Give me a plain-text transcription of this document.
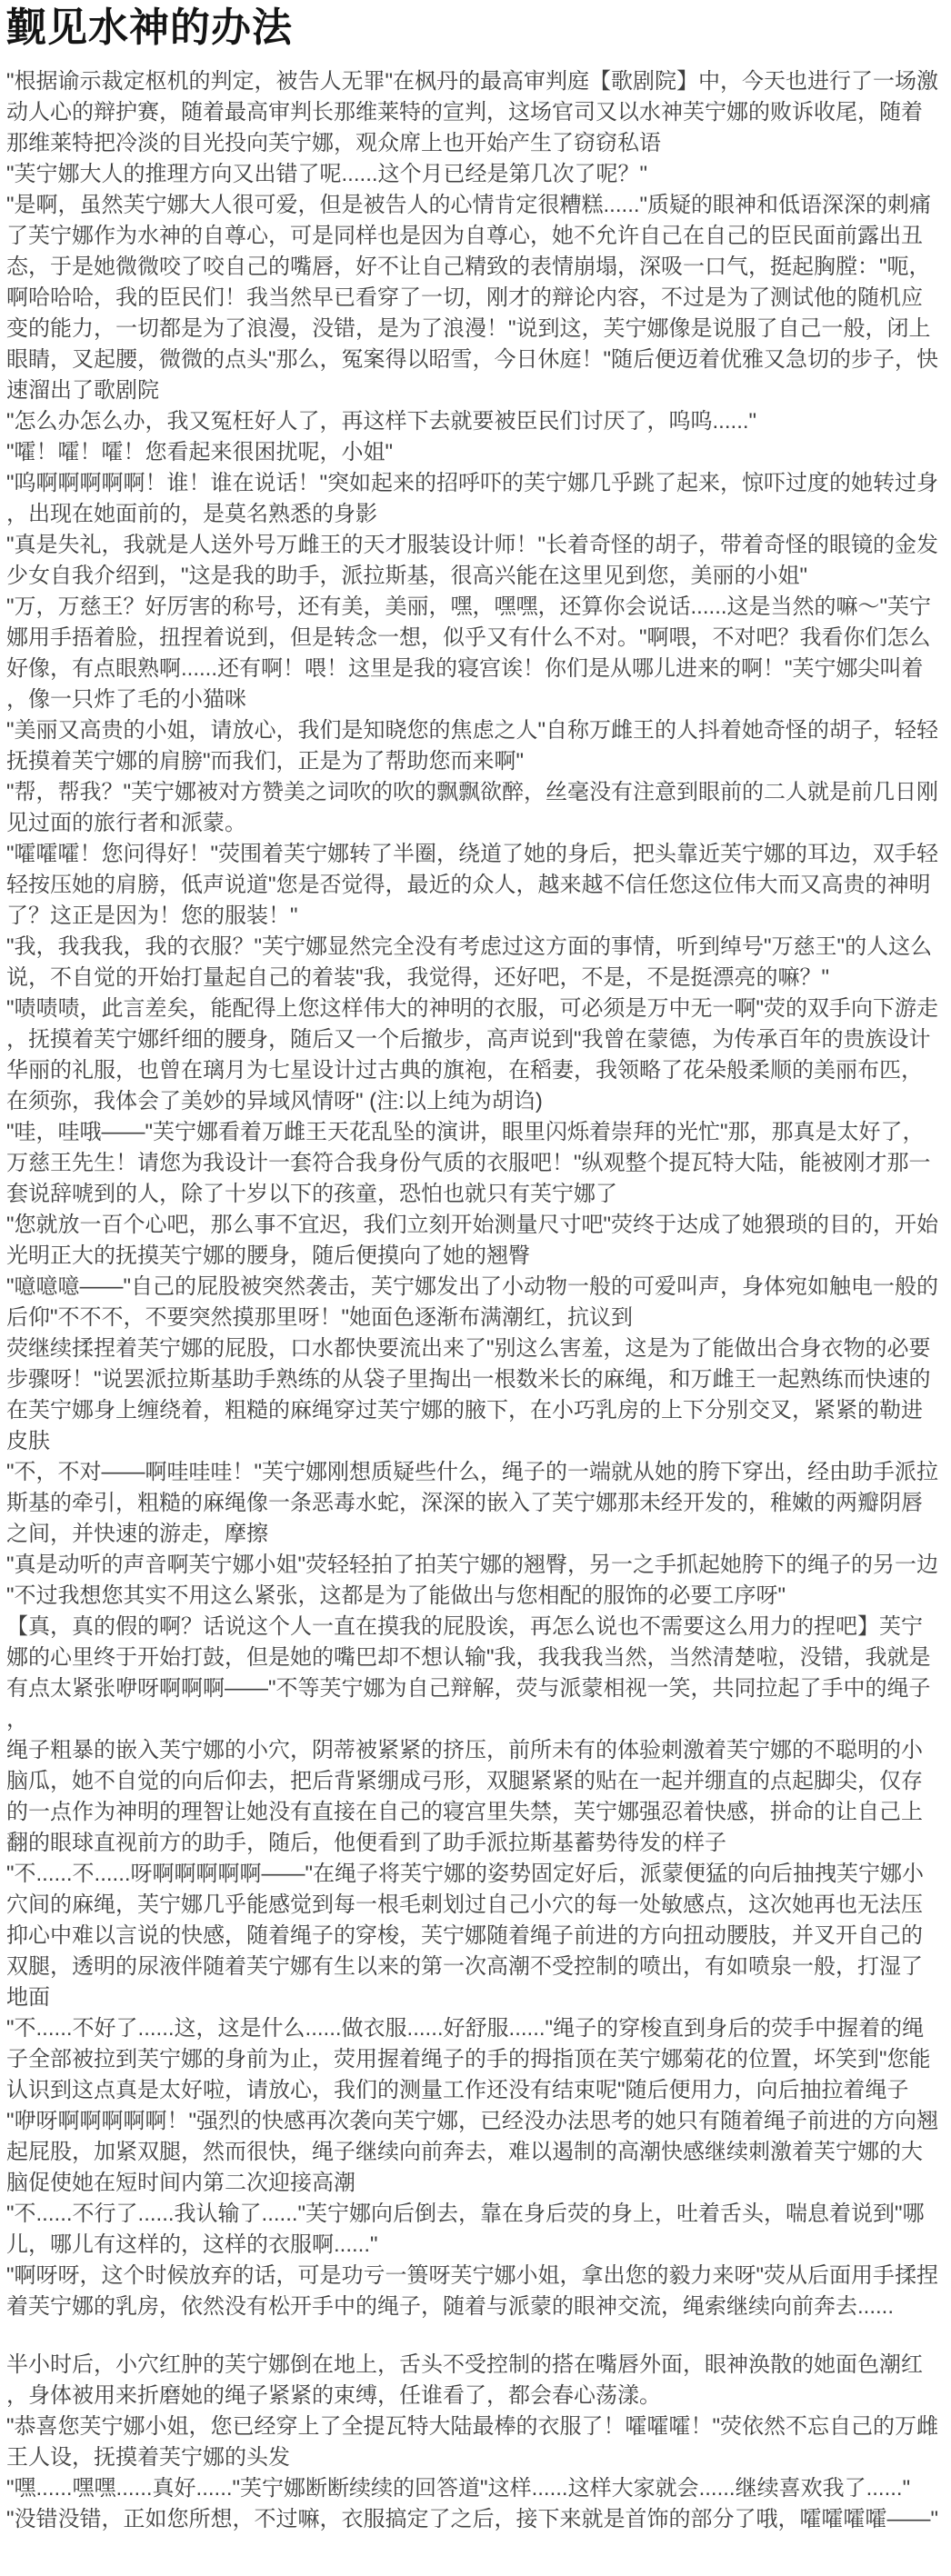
觐见水神的办法

"根据谕示裁定枢机的判定，被告人无罪"在枫丹的最高审判庭【歌剧院】中，今天也进行了一场激动人心的辩护赛，随着最高审判长那维莱特的宣判，这场官司又以水神芙宁娜的败诉收尾，随着那维莱特把冷淡的目光投向芙宁娜，观众席上也开始产生了窃窃私语

"芙宁娜大人的推理方向又出错了呢......这个月已经是第几次了呢？"

"是啊，虽然芙宁娜大人很可爱，但是被告人的心情肯定很糟糕......"质疑的眼神和低语深深的刺痛了芙宁娜作为水神的自尊心，可是同样也是因为自尊心，她不允许自己在自己的臣民面前露出丑态，于是她微微咬了咬自己的嘴唇，好不让自己精致的表情崩塌，深吸一口气，挺起胸膛："呃，啊哈哈哈，我的臣民们！我当然早已看穿了一切，刚才的辩论内容，不过是为了测试他的随机应变的能力，一切都是为了浪漫，没错，是为了浪漫！"说到这，芙宁娜像是说服了自己一般，闭上眼睛，叉起腰，微微的点头"那么，冤案得以昭雪，今日休庭！"随后便迈着优雅又急切的步子，快速溜出了歌剧院

"怎么办怎么办，我又冤枉好人了，再这样下去就要被臣民们讨厌了，呜呜......"

"嚯！嚯！嚯！您看起来很困扰呢，小姐"

"呜啊啊啊啊啊！谁！谁在说话！"突如起来的招呼吓的芙宁娜几乎跳了起来，惊吓过度的她转过身，出现在她面前的，是莫名熟悉的身影

"真是失礼，我就是人送外号万雌王的天才服装设计师！"长着奇怪的胡子，带着奇怪的眼镜的金发少女自我介绍到，"这是我的助手，派拉斯基，很高兴能在这里见到您，美丽的小姐"

"万，万慈王？好厉害的称号，还有美，美丽，嘿，嘿嘿，还算你会说话......这是当然的嘛～"芙宁娜用手捂着脸，扭捏着说到，但是转念一想，似乎又有什么不对。"啊喂，不对吧？我看你们怎么好像，有点眼熟啊......还有啊！喂！这里是我的寝宫诶！你们是从哪儿进来的啊！"芙宁娜尖叫着，像一只炸了毛的小猫咪

"美丽又高贵的小姐，请放心，我们是知晓您的焦虑之人"自称万雌王的人抖着她奇怪的胡子，轻轻抚摸着芙宁娜的肩膀"而我们，正是为了帮助您而来啊"

"帮，帮我？"芙宁娜被对方赞美之词吹的吹的飘飘欲醉，丝毫没有注意到眼前的二人就是前几日刚见过面的旅行者和派蒙。

"嚯嚯嚯！您问得好！"荧围着芙宁娜转了半圈，绕道了她的身后，把头靠近芙宁娜的耳边，双手轻轻按压她的肩膀，低声说道"您是否觉得，最近的众人，越来越不信任您这位伟大而又高贵的神明了？这正是因为！您的服装！"

"我，我我我，我的衣服？"芙宁娜显然完全没有考虑过这方面的事情，听到绰号"万慈王"的人这么说，不自觉的开始打量起自己的着装"我，我觉得，还好吧，不是，不是挺漂亮的嘛？"

"啧啧啧，此言差矣，能配得上您这样伟大的神明的衣服，可必须是万中无一啊"荧的双手向下游走，抚摸着芙宁娜纤细的腰身，随后又一个后撤步，高声说到"我曾在蒙德，为传承百年的贵族设计华丽的礼服，也曾在璃月为七星设计过古典的旗袍，在稻妻，我领略了花朵般柔顺的美丽布匹，在须弥，我体会了美妙的异域风情呀" (注:以上纯为胡诌)

"哇，哇哦——"芙宁娜看着万雌王天花乱坠的演讲，眼里闪烁着崇拜的光忙"那，那真是太好了，万慈王先生！请您为我设计一套符合我身份气质的衣服吧！"纵观整个提瓦特大陆，能被刚才那一套说辞唬到的人，除了十岁以下的孩童，恐怕也就只有芙宁娜了

"您就放一百个心吧，那么事不宜迟，我们立刻开始测量尺寸吧"荧终于达成了她猥琐的目的，开始光明正大的抚摸芙宁娜的腰身，随后便摸向了她的翘臀

"噫噫噫——"自己的屁股被突然袭击，芙宁娜发出了小动物一般的可爱叫声，身体宛如触电一般的后仰"不不不，不要突然摸那里呀！"她面色逐渐布满潮红，抗议到

荧继续揉捏着芙宁娜的屁股，口水都快要流出来了"别这么害羞，这是为了能做出合身衣物的必要步骤呀！"说罢派拉斯基助手熟练的从袋子里掏出一根数米长的麻绳，和万雌王一起熟练而快速的在芙宁娜身上缠绕着，粗糙的麻绳穿过芙宁娜的腋下，在小巧乳房的上下分别交叉，紧紧的勒进皮肤

"不，不对——啊哇哇哇！"芙宁娜刚想质疑些什么，绳子的一端就从她的胯下穿出，经由助手派拉斯基的牵引，粗糙的麻绳像一条恶毒水蛇，深深的嵌入了芙宁娜那未经开发的，稚嫩的两瓣阴唇之间，并快速的游走，摩擦

"真是动听的声音啊芙宁娜小姐"荧轻轻拍了拍芙宁娜的翘臀，另一之手抓起她胯下的绳子的另一边"不过我想您其实不用这么紧张，这都是为了能做出与您相配的服饰的必要工序呀"

【真，真的假的啊？话说这个人一直在摸我的屁股诶，再怎么说也不需要这么用力的捏吧】芙宁娜的心里终于开始打鼓，但是她的嘴巴却不想认输"我，我我我当然，当然清楚啦，没错，我就是有点太紧张咿呀啊啊啊——"不等芙宁娜为自己辩解，荧与派蒙相视一笑，共同拉起了手中的绳子，

绳子粗暴的嵌入芙宁娜的小穴，阴蒂被紧紧的挤压，前所未有的体验刺激着芙宁娜的不聪明的小脑瓜，她不自觉的向后仰去，把后背紧绷成弓形，双腿紧紧的贴在一起并绷直的点起脚尖，仅存的一点作为神明的理智让她没有直接在自己的寝宫里失禁，芙宁娜强忍着快感，拼命的让自己上翻的眼球直视前方的助手，随后，他便看到了助手派拉斯基蓄势待发的样子

"不......不......呀啊啊啊啊啊——"在绳子将芙宁娜的姿势固定好后，派蒙便猛的向后抽拽芙宁娜小穴间的麻绳，芙宁娜几乎能感觉到每一根毛刺划过自己小穴的每一处敏感点，这次她再也无法压抑心中难以言说的快感，随着绳子的穿梭，芙宁娜随着绳子前进的方向扭动腰肢，并叉开自己的双腿，透明的尿液伴随着芙宁娜有生以来的第一次高潮不受控制的喷出，有如喷泉一般，打湿了地面

"不......不好了......这，这是什么......做衣服......好舒服......"绳子的穿梭直到身后的荧手中握着的绳子全部被拉到芙宁娜的身前为止，荧用握着绳子的手的拇指顶在芙宁娜菊花的位置，坏笑到"您能认识到这点真是太好啦，请放心，我们的测量工作还没有结束呢"随后便用力，向后抽拉着绳子

"咿呀啊啊啊啊啊！"强烈的快感再次袭向芙宁娜，已经没办法思考的她只有随着绳子前进的方向翘起屁股，加紧双腿，然而很快，绳子继续向前奔去，难以遏制的高潮快感继续刺激着芙宁娜的大脑促使她在短时间内第二次迎接高潮

"不......不行了......我认输了......"芙宁娜向后倒去，靠在身后荧的身上，吐着舌头，喘息着说到"哪儿，哪儿有这样的，这样的衣服啊......"

"啊呀呀，这个时候放弃的话，可是功亏一篑呀芙宁娜小姐，拿出您的毅力来呀"荧从后面用手揉捏着芙宁娜的乳房，依然没有松开手中的绳子，随着与派蒙的眼神交流，绳索继续向前奔去......

半小时后，小穴红肿的芙宁娜倒在地上，舌头不受控制的搭在嘴唇外面，眼神涣散的她面色潮红，身体被用来折磨她的绳子紧紧的束缚，任谁看了，都会春心荡漾。

"恭喜您芙宁娜小姐，您已经穿上了全提瓦特大陆最棒的衣服了！嚯嚯嚯！"荧依然不忘自己的万雌王人设，抚摸着芙宁娜的头发

"嘿......嘿嘿......真好......"芙宁娜断断续续的回答道"这样......这样大家就会......继续喜欢我了......"

"没错没错，正如您所想，不过嘛，衣服搞定了之后，接下来就是首饰的部分了哦，嚯嚯嚯嚯——"
